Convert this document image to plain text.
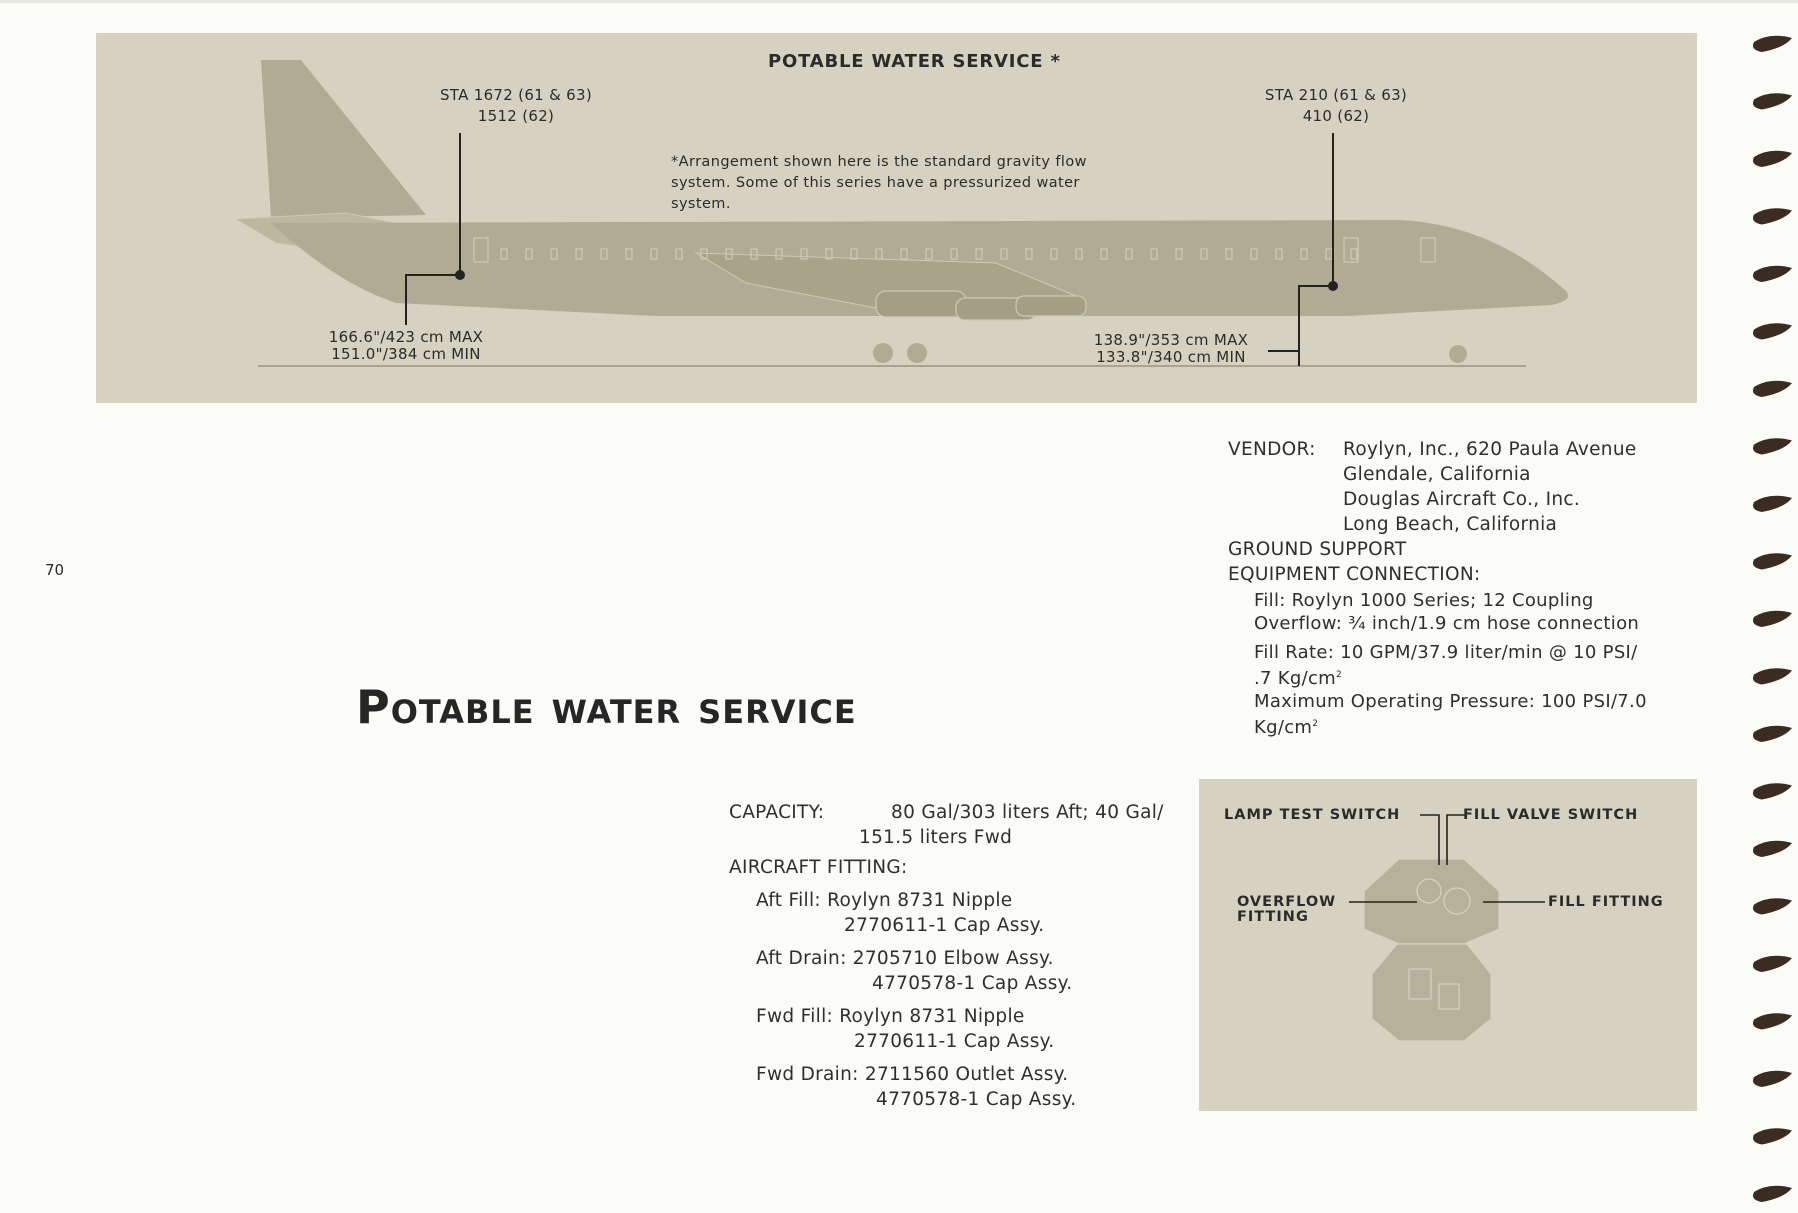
POTABLE WATER SERVICE *
STA 1672 (61 & 63)
1512 (62)
STA 210 (61 & 63)
410 (62)
*Arrangement shown here is the standard gravity flow
system. Some of this series have a pressurized water
system.
166.6"/423 cm MAX
151.0"/384 cm MIN
138.9"/353 cm MAX
133.8"/340 cm MIN
70
Potable water service
VENDOR:	Roylyn, Inc., 620 Paula Avenue
Glendale, California
Douglas Aircraft Co., Inc.
Long Beach, California
GROUND SUPPORT
EQUIPMENT CONNECTION:
Fill: Roylyn 1000 Series; 12 Coupling
Overflow: ¾ inch/1.9 cm hose connection
Fill Rate: 10 GPM/37.9 liter/min @ 10 PSI/
.7 $Kg/cm^2$
Maximum Operating Pressure: 100 PSI/7.0
$Kg/cm^2$
CAPACITY:	80 Gal/303 liters Aft; 40 Gal/
151.5 liters Fwd
AIRCRAFT FITTING:
Aft Fill: Roylyn 8731 Nipple
2770611-1 Cap Assy.
Aft Drain: 2705710 Elbow Assy.
4770578-1 Cap Assy.
Fwd Fill: Roylyn 8731 Nipple
2770611-1 Cap Assy.
Fwd Drain: 2711560 Outlet Assy.
4770578-1 Cap Assy.
LAMP TEST SWITCH	FILL VALVE SWITCH
OVERFLOW
FITTING
FILL FITTING
